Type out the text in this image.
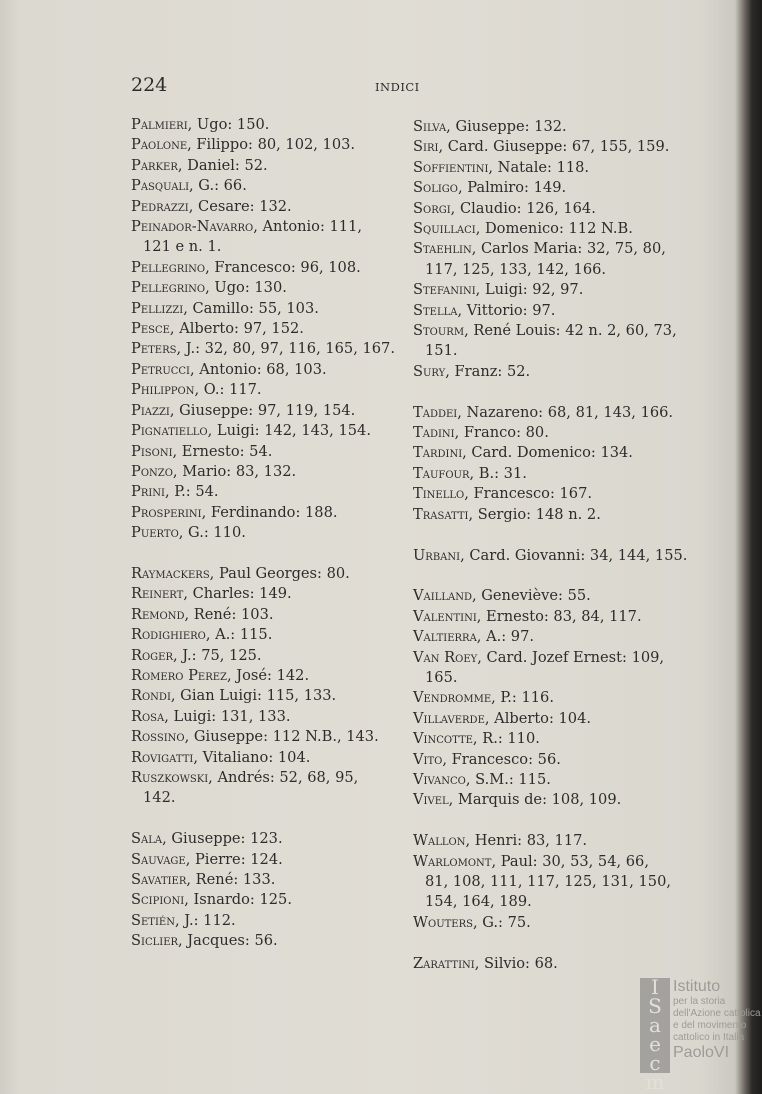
224	INDICI
Palmieri, Ugo: 150.
Paolone, Filippo: 80, 102, 103.
Parker, Daniel: 52.
Pasquali, G.: 66.
Pedrazzi, Cesare: 132.
Peinador-Navarro, Antonio: 111,
121 e n. 1.
Pellegrino, Francesco: 96, 108.
Pellegrino, Ugo: 130.
Pellizzi, Camillo: 55, 103.
Pesce, Alberto: 97, 152.
Peters, J.: 32, 80, 97, 116, 165, 167.
Petrucci, Antonio: 68, 103.
Philippon, O.: 117.
Piazzi, Giuseppe: 97, 119, 154.
Pignatiello, Luigi: 142, 143, 154.
Pisoni, Ernesto: 54.
Ponzo, Mario: 83, 132.
Prini, P.: 54.
Prosperini, Ferdinando: 188.
Puerto, G.: 110.
Raymackers, Paul Georges: 80.
Reinert, Charles: 149.
Remond, René: 103.
Rodighiero, A.: 115.
Roger, J.: 75, 125.
Romero Perez, José: 142.
Rondi, Gian Luigi: 115, 133.
Rosa, Luigi: 131, 133.
Rossino, Giuseppe: 112 N.B., 143.
Rovigatti, Vitaliano: 104.
Ruszkowski, Andrés: 52, 68, 95,
142.
Sala, Giuseppe: 123.
Sauvage, Pierre: 124.
Savatier, René: 133.
Scipioni, Isnardo: 125.
Setién, J.: 112.
Siclier, Jacques: 56.
Silva, Giuseppe: 132.
Siri, Card. Giuseppe: 67, 155, 159.
Soffientini, Natale: 118.
Soligo, Palmiro: 149.
Sorgi, Claudio: 126, 164.
Squillaci, Domenico: 112 N.B.
Staehlin, Carlos Maria: 32, 75, 80,
117, 125, 133, 142, 166.
Stefanini, Luigi: 92, 97.
Stella, Vittorio: 97.
Stourm, René Louis: 42 n. 2, 60, 73,
151.
Sury, Franz: 52.
Taddei, Nazareno: 68, 81, 143, 166.
Tadini, Franco: 80.
Tardini, Card. Domenico: 134.
Taufour, B.: 31.
Tinello, Francesco: 167.
Trasatti, Sergio: 148 n. 2.
Urbani, Card. Giovanni: 34, 144, 155.
Vailland, Geneviève: 55.
Valentini, Ernesto: 83, 84, 117.
Valtierra, A.: 97.
Van Roey, Card. Jozef Ernest: 109,
165.
Vendromme, P.: 116.
Villaverde, Alberto: 104.
Vincotte, R.: 110.
Vito, Francesco: 56.
Vivanco, S.M.: 115.
Vivel, Marquis de: 108, 109.
Wallon, Henri: 83, 117.
Warlomont, Paul: 30, 53, 54, 66,
81, 108, 111, 117, 125, 131, 150,
154, 164, 189.
Wouters, G.: 75.
Zarattini, Silvio: 68.
I
S
a
e
c
m
Istituto
per la storia
dell'Azione cattolica
e del movimento
cattolico in Italia
PaoloVI
